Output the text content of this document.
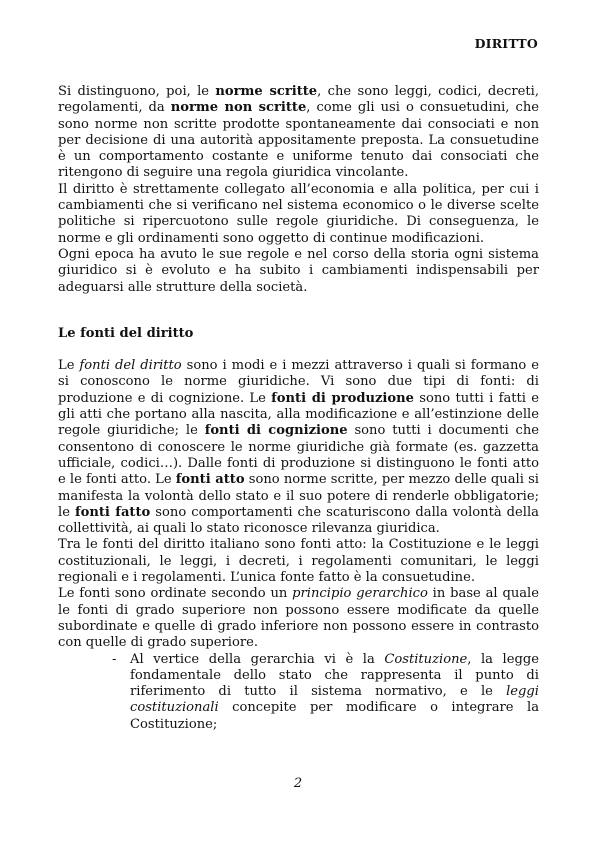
DIRITTO

Si distinguono, poi, le norme scritte, che sono leggi, codici, decreti, regolamenti, da norme non scritte, come gli usi o consuetudini, che sono norme non scritte prodotte spontaneamente dai consociati e non per decisione di una autorità appositamente preposta. La consuetudine è un comportamento costante e uniforme tenuto dai consociati che ritengono di seguire una regola giuridica vincolante.

Il diritto è strettamente collegato all’economia e alla politica, per cui i cambiamenti che si verificano nel sistema economico o le diverse scelte politiche si ripercuotono sulle regole giuridiche. Di conseguenza, le norme e gli ordinamenti sono oggetto di continue modificazioni.

Ogni epoca ha avuto le sue regole e nel corso della storia ogni sistema giuridico si è evoluto e ha subito i cambiamenti indispensabili per adeguarsi alle strutture della società.

Le fonti del diritto

Le fonti del diritto sono i modi e i mezzi attraverso i quali si formano e si conoscono le norme giuridiche. Vi sono due tipi di fonti: di produzione e di cognizione. Le fonti di produzione sono tutti i fatti e gli atti che portano alla nascita, alla modificazione e all’estinzione delle regole giuridiche; le fonti di cognizione sono tutti i documenti che consentono di conoscere le norme giuridiche già formate (es. gazzetta ufficiale, codici…). Dalle fonti di produzione si distinguono le fonti atto e le fonti atto. Le fonti atto sono norme scritte, per mezzo delle quali si manifesta la volontà dello stato e il suo potere di renderle obbligatorie; le fonti fatto sono comportamenti che scaturiscono dalla volontà della collettività, ai quali lo stato riconosce rilevanza giuridica.

Tra le fonti del diritto italiano sono fonti atto: la Costituzione e le leggi costituzionali, le leggi, i decreti, i regolamenti comunitari, le leggi regionali e i regolamenti. L’unica fonte fatto è la consuetudine.

Le fonti sono ordinate secondo un principio gerarchico in base al quale le fonti di grado superiore non possono essere modificate da quelle subordinate e quelle di grado inferiore non possono essere in contrasto con quelle di grado superiore.

- Al vertice della gerarchia vi è la Costituzione, la legge fondamentale dello stato che rappresenta il punto di riferimento di tutto il sistema normativo, e le leggi costituzionali concepite per modificare o integrare la Costituzione;
2
